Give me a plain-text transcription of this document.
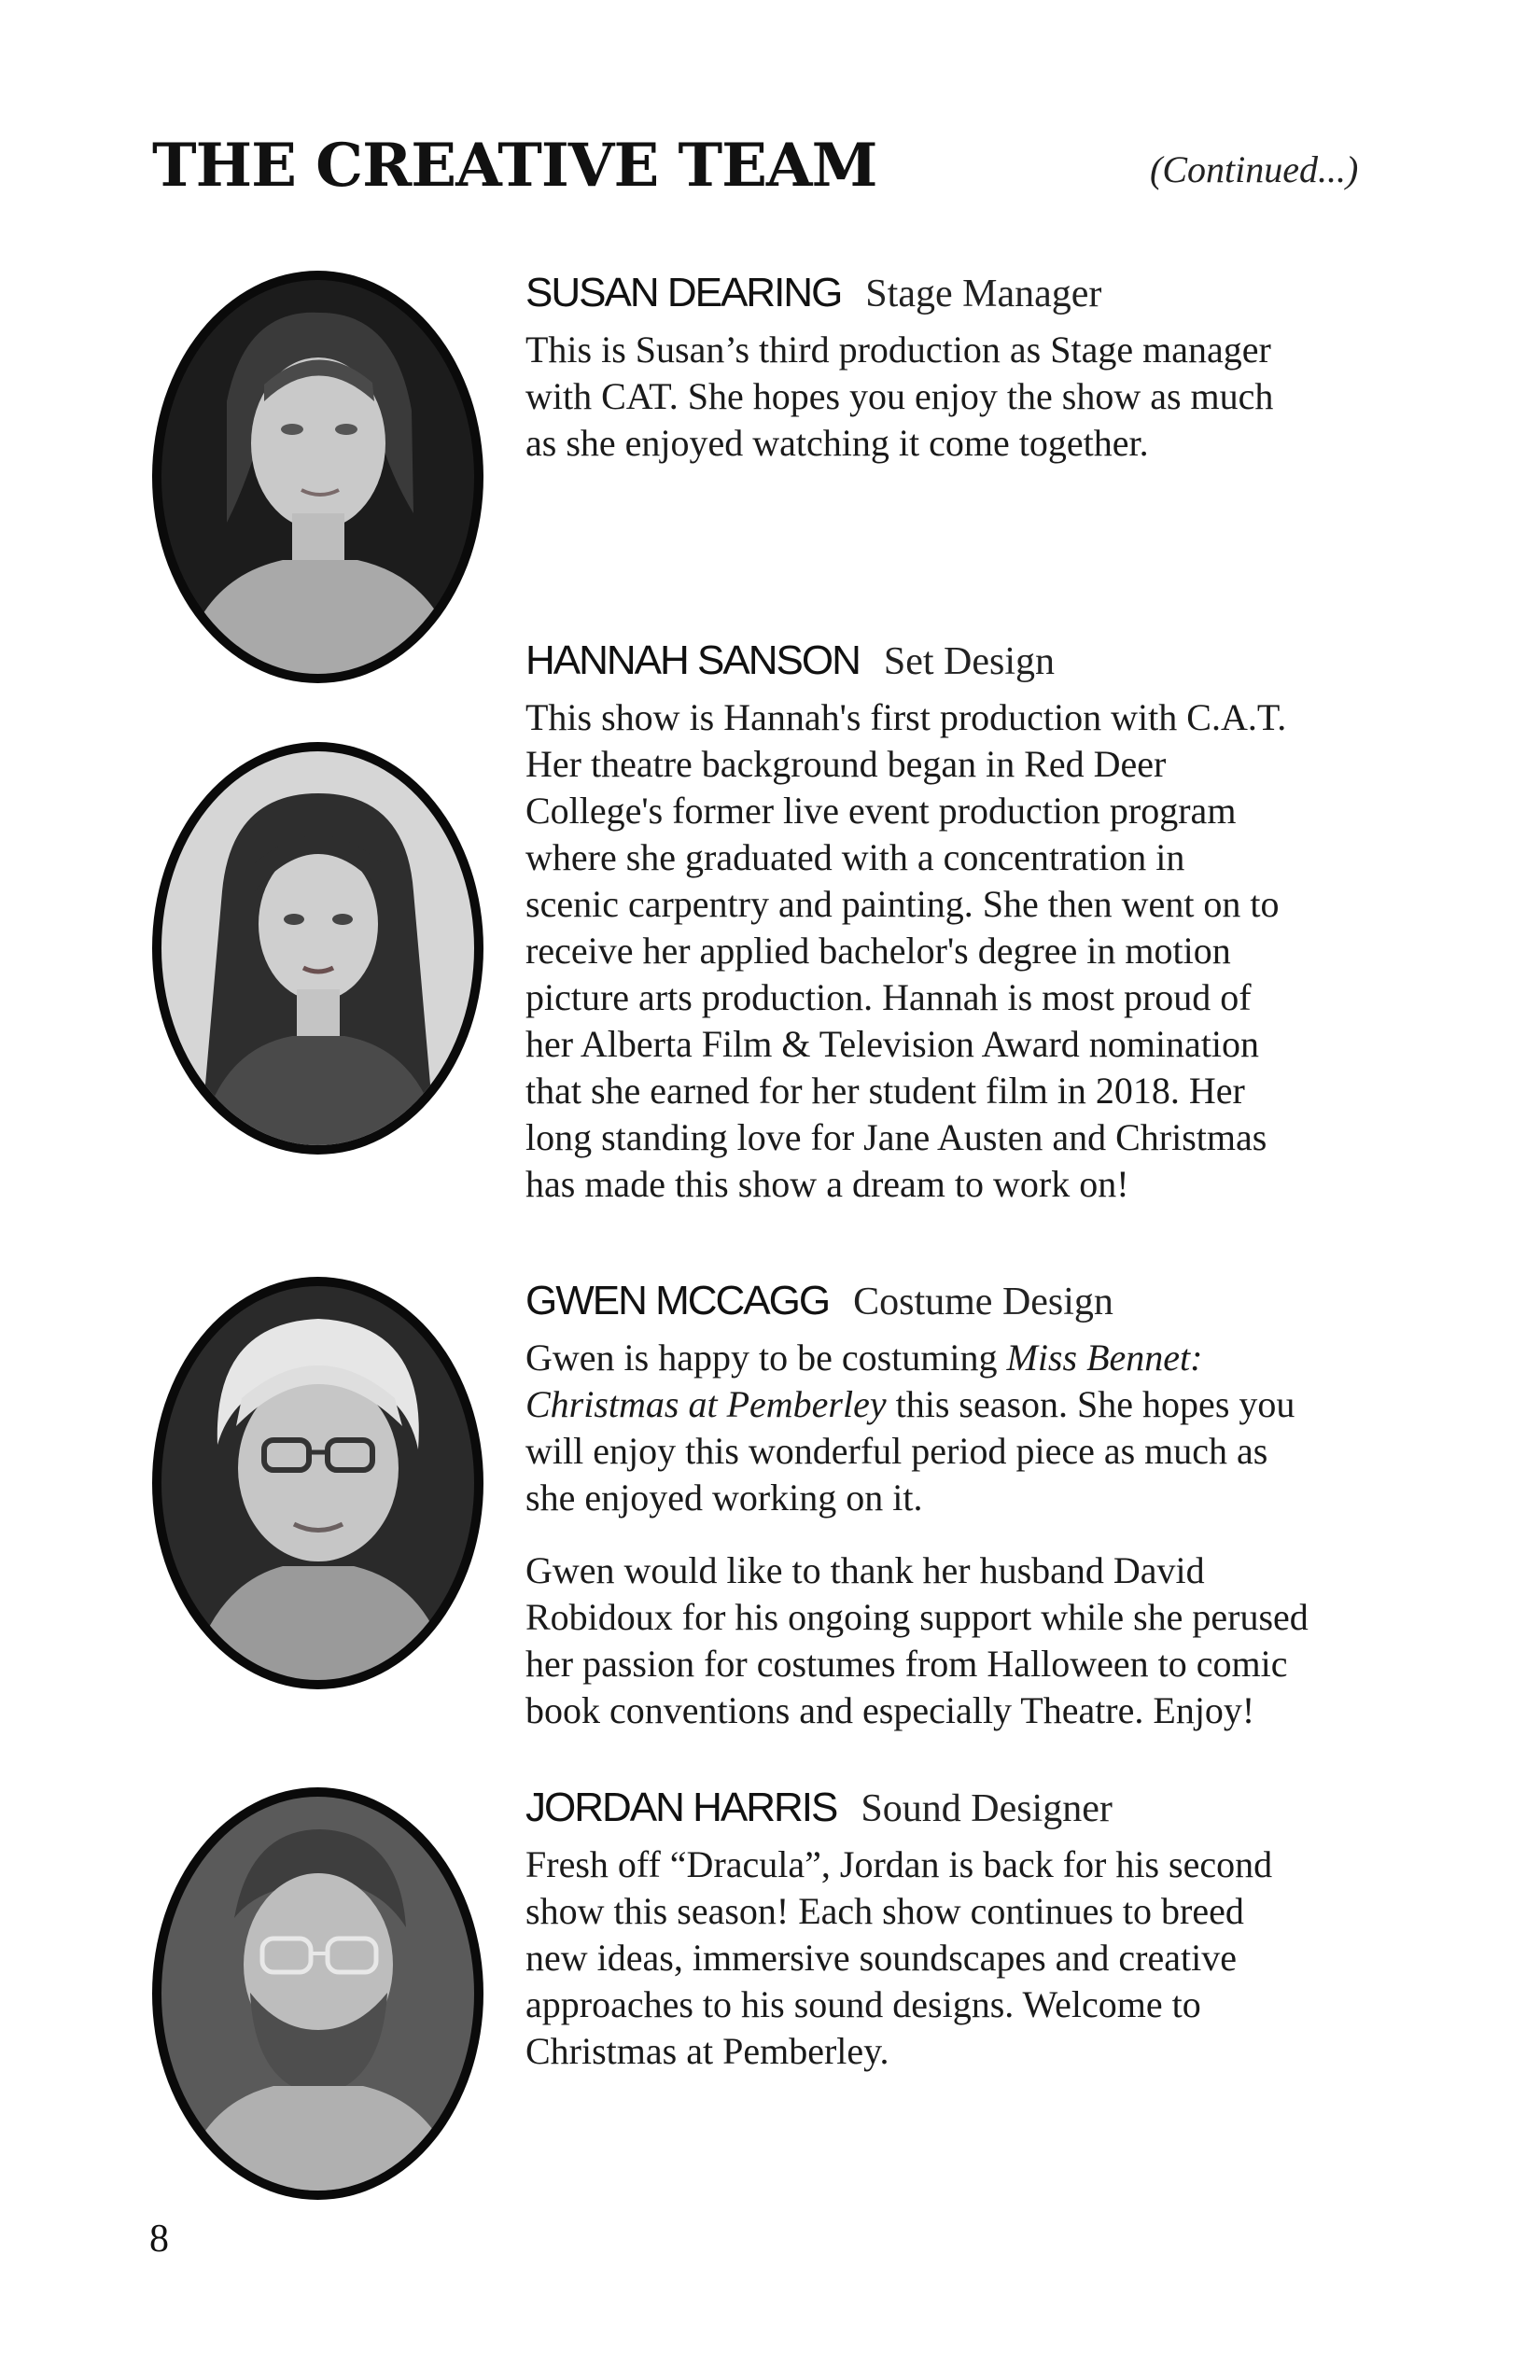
THE CREATIVE TEAM	(Continued...)
SUSAN DEARING Stage Manager

This is Susan’s third production as Stage manager
with CAT. She hopes you enjoy the show as much
as she enjoyed watching it come together.

HANNAH SANSON Set Design

This show is Hannah's first production with C.A.T.
Her theatre background began in Red Deer
College's former live event production program
where she graduated with a concentration in
scenic carpentry and painting. She then went on to
receive her applied bachelor's degree in motion
picture arts production. Hannah is most proud of
her Alberta Film & Television Award nomination
that she earned for her student film in 2018. Her
long standing love for Jane Austen and Christmas
has made this show a dream to work on!

GWEN MCCAGG Costume Design

Gwen is happy to be costuming Miss Bennet:
Christmas at Pemberley this season. She hopes you
will enjoy this wonderful period piece as much as
she enjoyed working on it.

Gwen would like to thank her husband David
Robidoux for his ongoing support while she perused
her passion for costumes from Halloween to comic
book conventions and especially Theatre. Enjoy!

JORDAN HARRIS Sound Designer

Fresh off “Dracula”, Jordan is back for his second
show this season! Each show continues to breed
new ideas, immersive soundscapes and creative
approaches to his sound designs. Welcome to
Christmas at Pemberley.

8
